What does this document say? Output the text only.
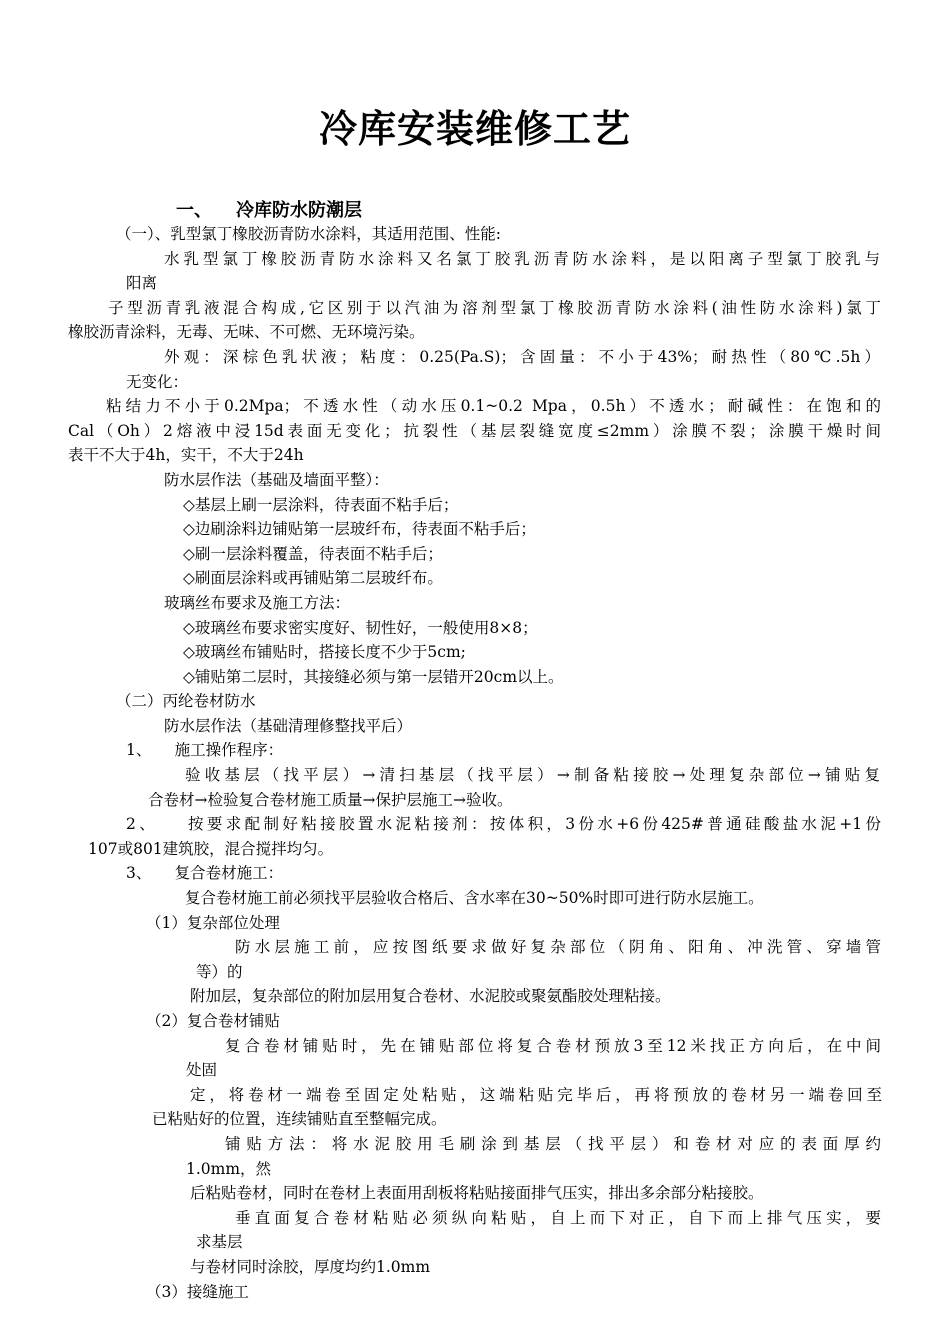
冷库安装维修工艺
一、 冷库防水防潮层
（一）、乳型氯丁橡胶沥青防水涂料，其适用范围、性能:
水乳型氯丁橡胶沥青防水涂料又名氯丁胶乳沥青防水涂料，是以阳离子型氯丁胶乳与
阳离
子型沥青乳液混合构成,它区别于以汽油为溶剂型氯丁橡胶沥青防水涂料(油性防水涂料)氯丁
橡胶沥青涂料，无毒、无味、不可燃、无环境污染。
外观：深棕色乳状液；粘度：0.25(Pa.S)；含固量：不小于43%；耐热性（80℃.5h）
无变化：
粘结力不小于0.2Mpa；不透水性（动水压0.1~0.2 Mpa，0.5h）不透水；耐碱性：在饱和的
Cal（Oh）2熔液中浸15d表面无变化；抗裂性（基层裂缝宽度≤2mm）涂膜不裂；涂膜干燥时间
表干不大于4h，实干，不大于24h
防水层作法（基础及墙面平整）：
◇基层上刷一层涂料，待表面不粘手后；
◇边刷涂料边铺贴第一层玻纤布，待表面不粘手后；
◇刷一层涂料覆盖，待表面不粘手后；
◇刷面层涂料或再铺贴第二层玻纤布。
玻璃丝布要求及施工方法：
◇玻璃丝布要求密实度好、韧性好，一般使用8×8；
◇玻璃丝布铺贴时，搭接长度不少于5cm;
◇铺贴第二层时，其接缝必须与第一层错开20cm以上。
（二）丙纶卷材防水
防水层作法（基础清理修整找平后）
1、　　施工操作程序：
验收基层（找平层）→清扫基层（找平层）→制备粘接胶→处理复杂部位→铺贴复
合卷材→检验复合卷材施工质量→保护层施工→验收。
2、　　按要求配制好粘接胶置水泥粘接剂：按体积，3份水+6份425#普通硅酸盐水泥+1份
107或801建筑胶，混合搅拌均匀。
3、　　复合卷材施工：
复合卷材施工前必须找平层验收合格后、含水率在30~50%时即可进行防水层施工。
（1）复杂部位处理
防水层施工前，应按图纸要求做好复杂部位（阴角、阳角、冲洗管、穿墙管
等）的
附加层，复杂部位的附加层用复合卷材、水泥胶或聚氨酯胶处理粘接。
（2）复合卷材铺贴
复合卷材铺贴时，先在铺贴部位将复合卷材预放3至12米找正方向后，在中间
处固
定，将卷材一端卷至固定处粘贴，这端粘贴完毕后，再将预放的卷材另一端卷回至
已粘贴好的位置，连续铺贴直至整幅完成。
铺贴方法：将水泥胶用毛刷涂到基层（找平层）和卷材对应的表面厚约
1.0mm，然
后粘贴卷材，同时在卷材上表面用刮板将粘贴接面排气压实，排出多余部分粘接胶。
垂直面复合卷材粘贴必须纵向粘贴，自上而下对正，自下而上排气压实，要
求基层
与卷材同时涂胶，厚度均约1.0mm
（3）接缝施工
